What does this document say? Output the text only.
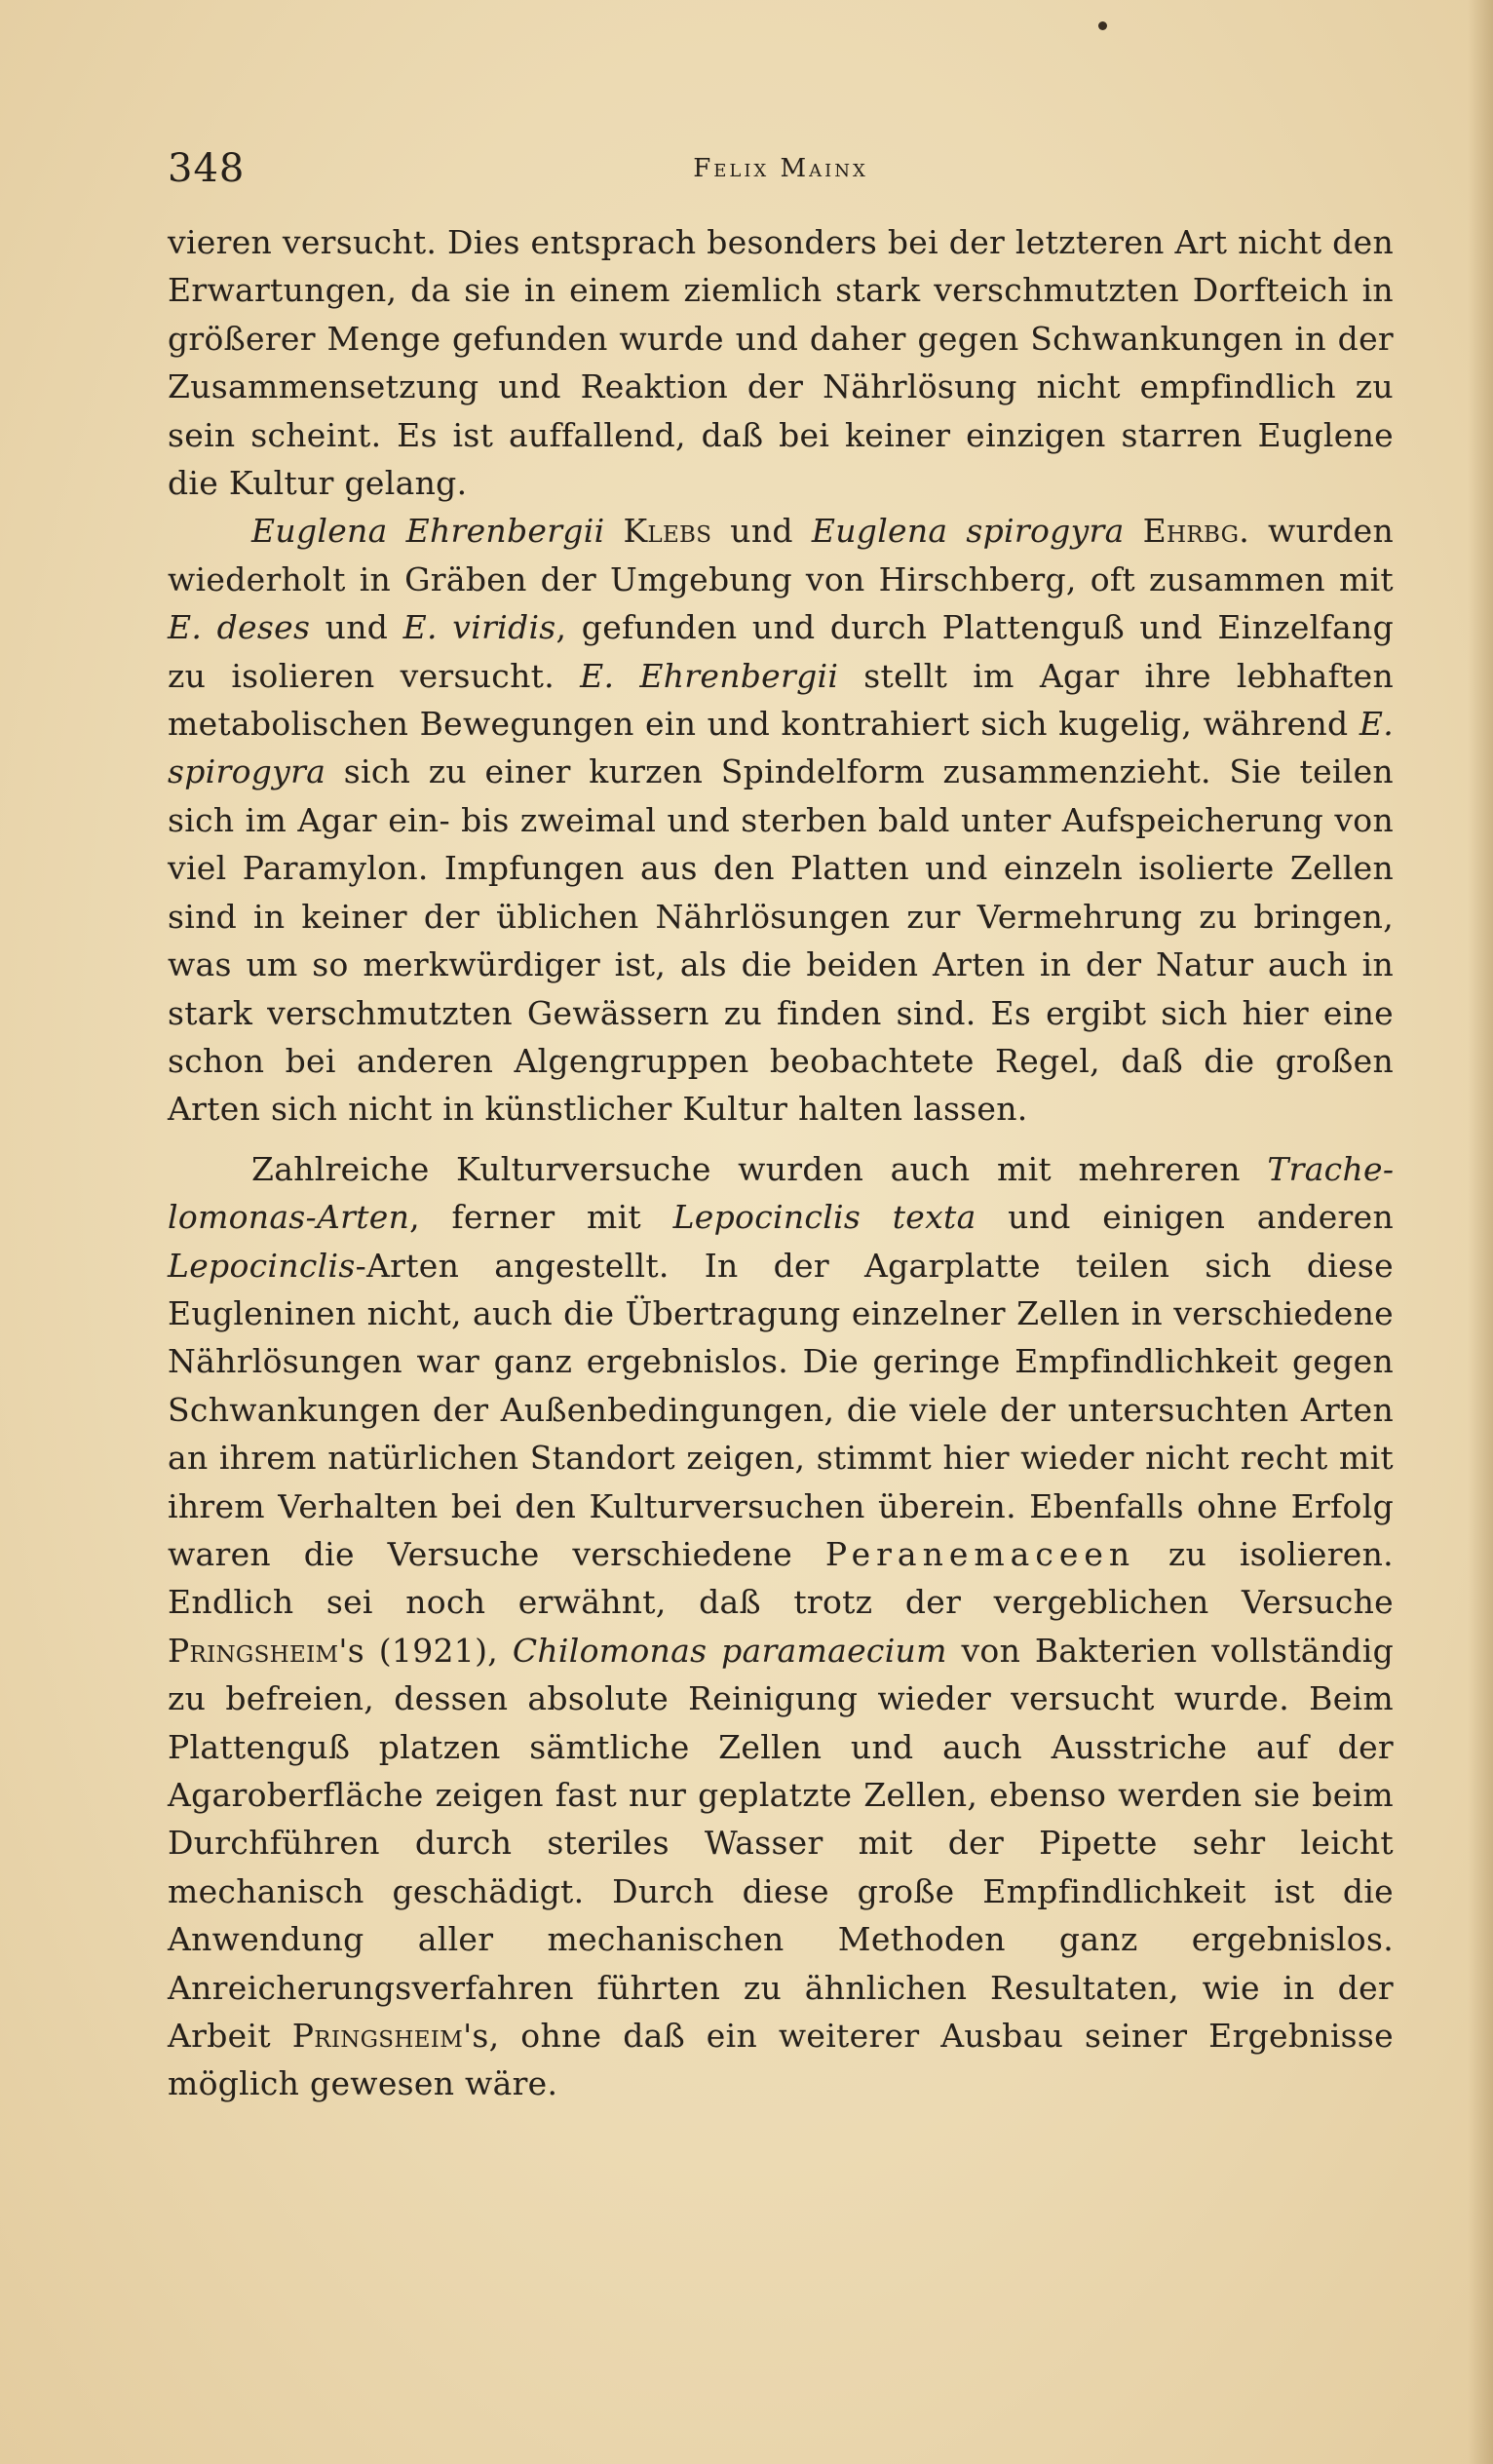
348	Felix Mainx

vieren versucht. Dies entsprach besonders bei der letzteren Art nicht den Erwartungen, da sie in einem ziemlich stark verschmutzten Dorfteich in größerer Menge gefunden wurde und daher gegen Schwankungen in der Zusammensetzung und Reaktion der Nährlösung nicht empfindlich zu sein scheint. Es ist auffallend, daß bei keiner einzigen starren Euglene die Kultur gelang.

Euglena Ehrenbergii Klebs und Euglena spirogyra Ehrbg. wurden wiederholt in Gräben der Umgebung von Hirschberg, oft zusammen mit E. deses und E. viridis, gefunden und durch Plattenguß und Einzelfang zu isolieren versucht. E. Ehrenbergii stellt im Agar ihre lebhaften metabolischen Bewegungen ein und kontrahiert sich kugelig, während E. spirogyra sich zu einer kurzen Spindelform zusammenzieht. Sie teilen sich im Agar ein- bis zweimal und sterben bald unter Aufspeicherung von viel Paramylon. Impfungen aus den Platten und einzeln isolierte Zellen sind in keiner der üblichen Nährlösungen zur Vermehrung zu bringen, was um so merkwürdiger ist, als die beiden Arten in der Natur auch in stark verschmutzten Gewässern zu finden sind. Es ergibt sich hier eine schon bei anderen Algengruppen beobachtete Regel, daß die großen Arten sich nicht in künstlicher Kultur halten lassen.

Zahlreiche Kulturversuche wurden auch mit mehreren Trachelomonas-Arten, ferner mit Lepocinclis texta und einigen anderen Lepocinclis-Arten angestellt. In der Agarplatte teilen sich diese Eugleninen nicht, auch die Übertragung einzelner Zellen in verschiedene Nährlösungen war ganz ergebnislos. Die geringe Empfindlichkeit gegen Schwankungen der Außenbedingungen, die viele der untersuchten Arten an ihrem natürlichen Standort zeigen, stimmt hier wieder nicht recht mit ihrem Verhalten bei den Kulturversuchen überein. Ebenfalls ohne Erfolg waren die Versuche verschiedene Peranemaceen zu isolieren. Endlich sei noch erwähnt, daß trotz der vergeblichen Versuche Pringsheim's (1921), Chilomonas paramaecium von Bakterien vollständig zu befreien, dessen absolute Reinigung wieder versucht wurde. Beim Plattenguß platzen sämtliche Zellen und auch Ausstriche auf der Agaroberfläche zeigen fast nur geplatzte Zellen, ebenso werden sie beim Durchführen durch steriles Wasser mit der Pipette sehr leicht mechanisch geschädigt. Durch diese große Empfindlichkeit ist die Anwendung aller mechanischen Methoden ganz ergebnislos. Anreicherungsverfahren führten zu ähnlichen Resultaten, wie in der Arbeit Pringsheim's, ohne daß ein weiterer Ausbau seiner Ergebnisse möglich gewesen wäre.
